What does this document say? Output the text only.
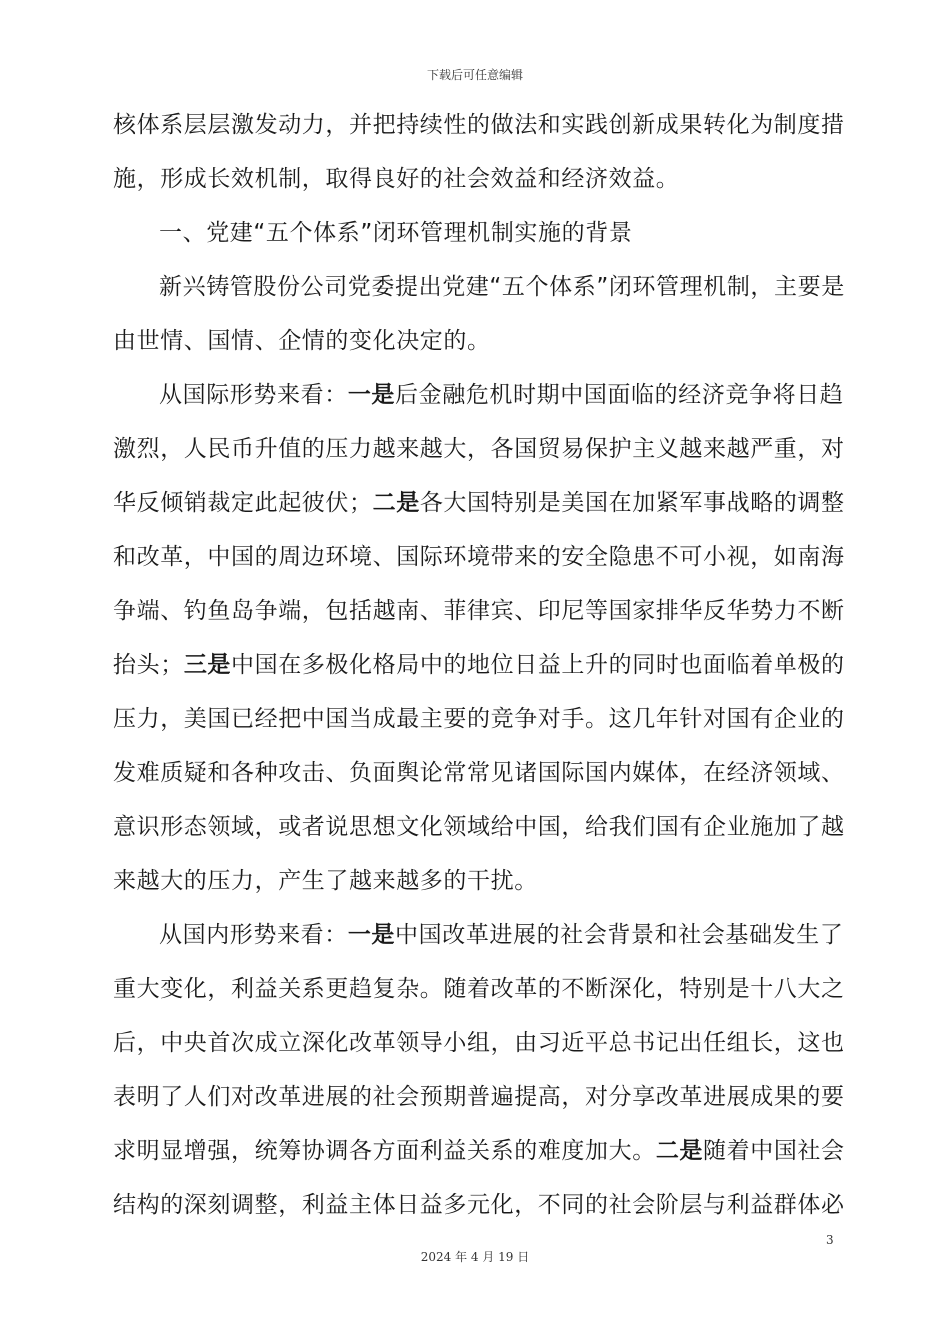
下载后可任意编辑
核体系层层激发动力，并把持续性的做法和实践创新成果转化为制度措
施，形成长效机制，取得良好的社会效益和经济效益。
一、党建“五个体系”闭环管理机制实施的背景
新兴铸管股份公司党委提出党建“五个体系”闭环管理机制，主要是
由世情、国情、企情的变化决定的。
从国际形势来看：一是后金融危机时期中国面临的经济竞争将日趋
激烈，人民币升值的压力越来越大，各国贸易保护主义越来越严重，对
华反倾销裁定此起彼伏；二是各大国特别是美国在加紧军事战略的调整
和改革，中国的周边环境、国际环境带来的安全隐患不可小视，如南海
争端、钓鱼岛争端，包括越南、菲律宾、印尼等国家排华反华势力不断
抬头；三是中国在多极化格局中的地位日益上升的同时也面临着单极的
压力，美国已经把中国当成最主要的竞争对手。这几年针对国有企业的
发难质疑和各种攻击、负面舆论常常见诸国际国内媒体，在经济领域、
意识形态领域，或者说思想文化领域给中国，给我们国有企业施加了越
来越大的压力，产生了越来越多的干扰。
从国内形势来看：一是中国改革进展的社会背景和社会基础发生了
重大变化，利益关系更趋复杂。随着改革的不断深化，特别是十八大之
后，中央首次成立深化改革领导小组，由习近平总书记出任组长，这也
表明了人们对改革进展的社会预期普遍提高，对分享改革进展成果的要
求明显增强，统筹协调各方面利益关系的难度加大。二是随着中国社会
结构的深刻调整，利益主体日益多元化，不同的社会阶层与利益群体必
3
2024 年 4 月 19 日
